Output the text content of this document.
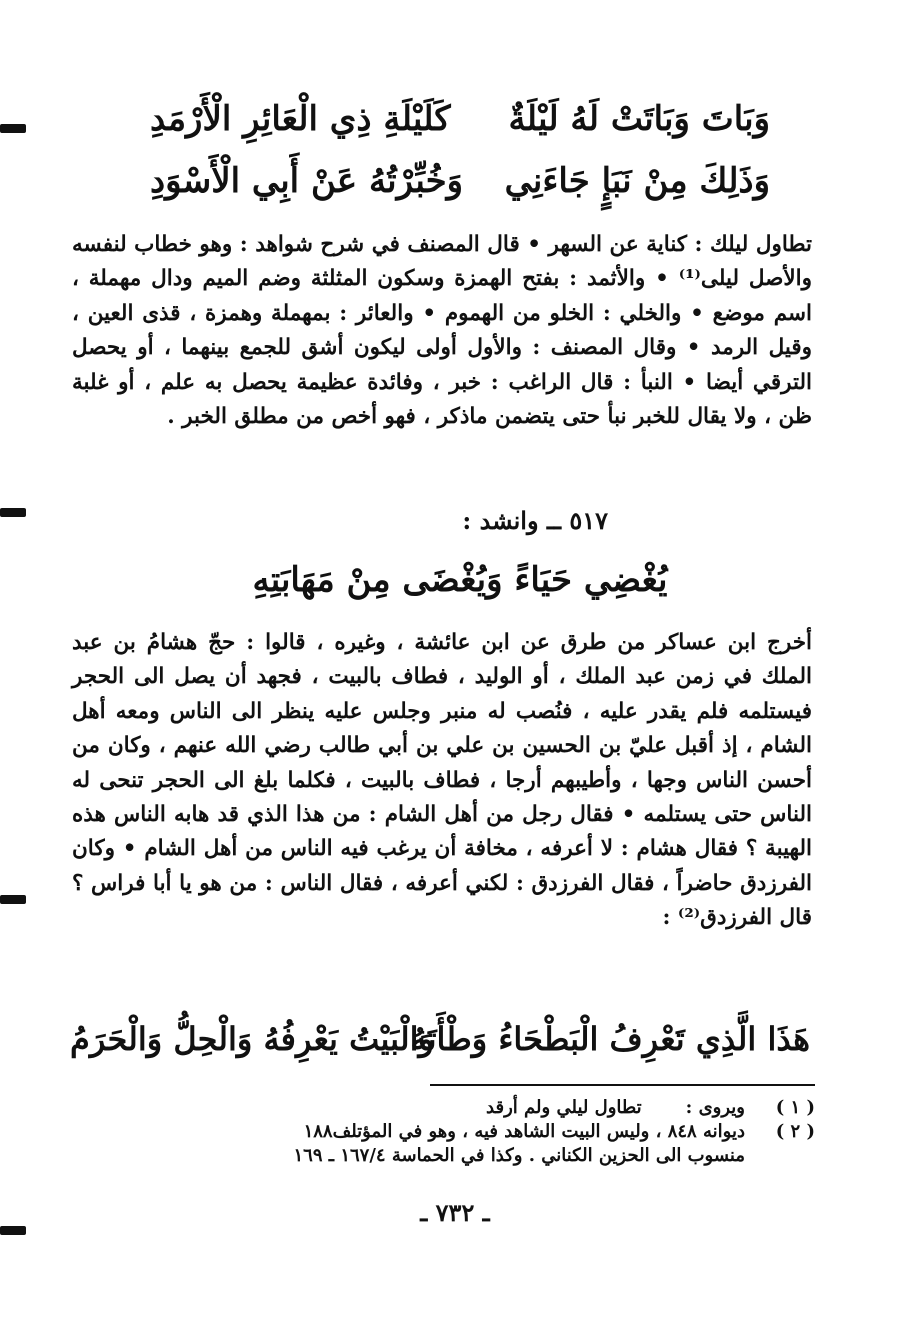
وَبَاتَ وَبَاتَتْ لَهُ لَيْلَةٌ
كَلَيْلَةِ ذِي الْعَائِرِ الْأَرْمَدِ
وَذَلِكَ مِنْ نَبَإٍ جَاءَنِي
وَخُبِّرْتُهُ عَنْ أَبِي الْأَسْوَدِ
تطاول ليلك : كناية عن السهر • قال المصنف في شرح شواهد : وهو خطاب لنفسه والأصل ليلى⁽¹⁾ • والأثمد : بفتح الهمزة وسكون المثلثة وضم الميم ودال مهملة ، اسم موضع • والخلي : الخلو من الهموم • والعائر : بمهملة وهمزة ، قذى العين ، وقيل الرمد • وقال المصنف : والأول أولى ليكون أشق للجمع بينهما ، أو يحصل الترقي أيضا • النبأ : قال الراغب : خبر ، وفائدة عظيمة يحصل به علم ، أو غلبة ظن ، ولا يقال للخبر نبأ حتى يتضمن ماذكر ، فهو أخص من مطلق الخبر .
٥١٧ ــ وانشد :
يُغْضِي حَيَاءً وَيُغْضَى مِنْ مَهَابَتِهِ
أخرج ابن عساكر من طرق عن ابن عائشة ، وغيره ، قالوا : حجّ هشامُ بن عبد الملك في زمن عبد الملك ، أو الوليد ، فطاف بالبيت ، فجهد أن يصل الى الحجر فيستلمه فلم يقدر عليه ، فنُصب له منبر وجلس عليه ينظر الى الناس ومعه أهل الشام ، إذ أقبل عليّ بن الحسين بن علي بن أبي طالب رضي الله عنهم ، وكان من أحسن الناس وجها ، وأطيبهم أرجا ، فطاف بالبيت ، فكلما بلغ الى الحجر تنحى له الناس حتى يستلمه • فقال رجل من أهل الشام : من هذا الذي قد هابه الناس هذه الهيبة ؟ فقال هشام : لا أعرفه ، مخافة أن يرغب فيه الناس من أهل الشام • وكان الفرزدق حاضراً ، فقال الفرزدق : لكني أعرفه ، فقال الناس : من هو يا أبا فراس ؟ قال الفرزدق⁽²⁾ :
هَذَا الَّذِي تَعْرِفُ الْبَطْحَاءُ وَطْأَتَهُ
وَالْبَيْتُ يَعْرِفُهُ وَالْحِلُّ وَالْحَرَمُ
( ١ )
ويروى :
تطاول ليلي ولم أرقد
( ٢ )
ديوانه ٨٤٨ ، وليس البيت الشاهد فيه ، وهو في المؤتلف١٨٨
منسوب الى الحزين الكناني . وكذا في الحماسة ١٦٧/٤ ـ ١٦٩
ـ ٧٣٢ ـ
